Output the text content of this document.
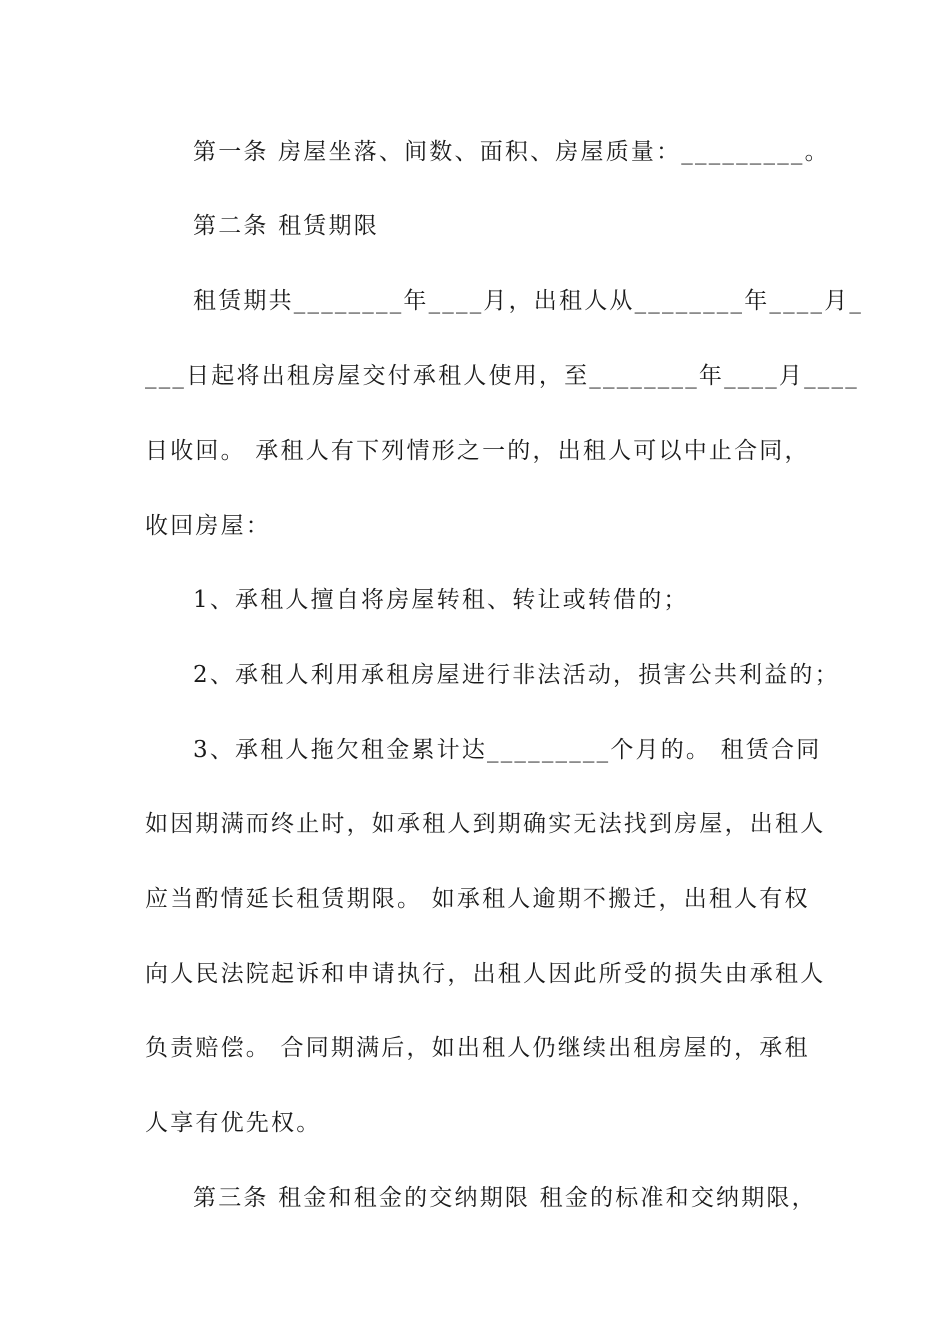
第一条 房屋坐落、间数、面积、房屋质量：_________。
第二条 租赁期限
租赁期共________年____月，出租人从________年____月_
___日起将出租房屋交付承租人使用，至________年____月____
日收回。 承租人有下列情形之一的，出租人可以中止合同，
收回房屋：
1、承租人擅自将房屋转租、转让或转借的；
2、承租人利用承租房屋进行非法活动，损害公共利益的；
3、承租人拖欠租金累计达_________个月的。 租赁合同
如因期满而终止时，如承租人到期确实无法找到房屋，出租人
应当酌情延长租赁期限。 如承租人逾期不搬迁，出租人有权
向人民法院起诉和申请执行，出租人因此所受的损失由承租人
负责赔偿。 合同期满后，如出租人仍继续出租房屋的，承租
人享有优先权。
第三条 租金和租金的交纳期限 租金的标准和交纳期限，
